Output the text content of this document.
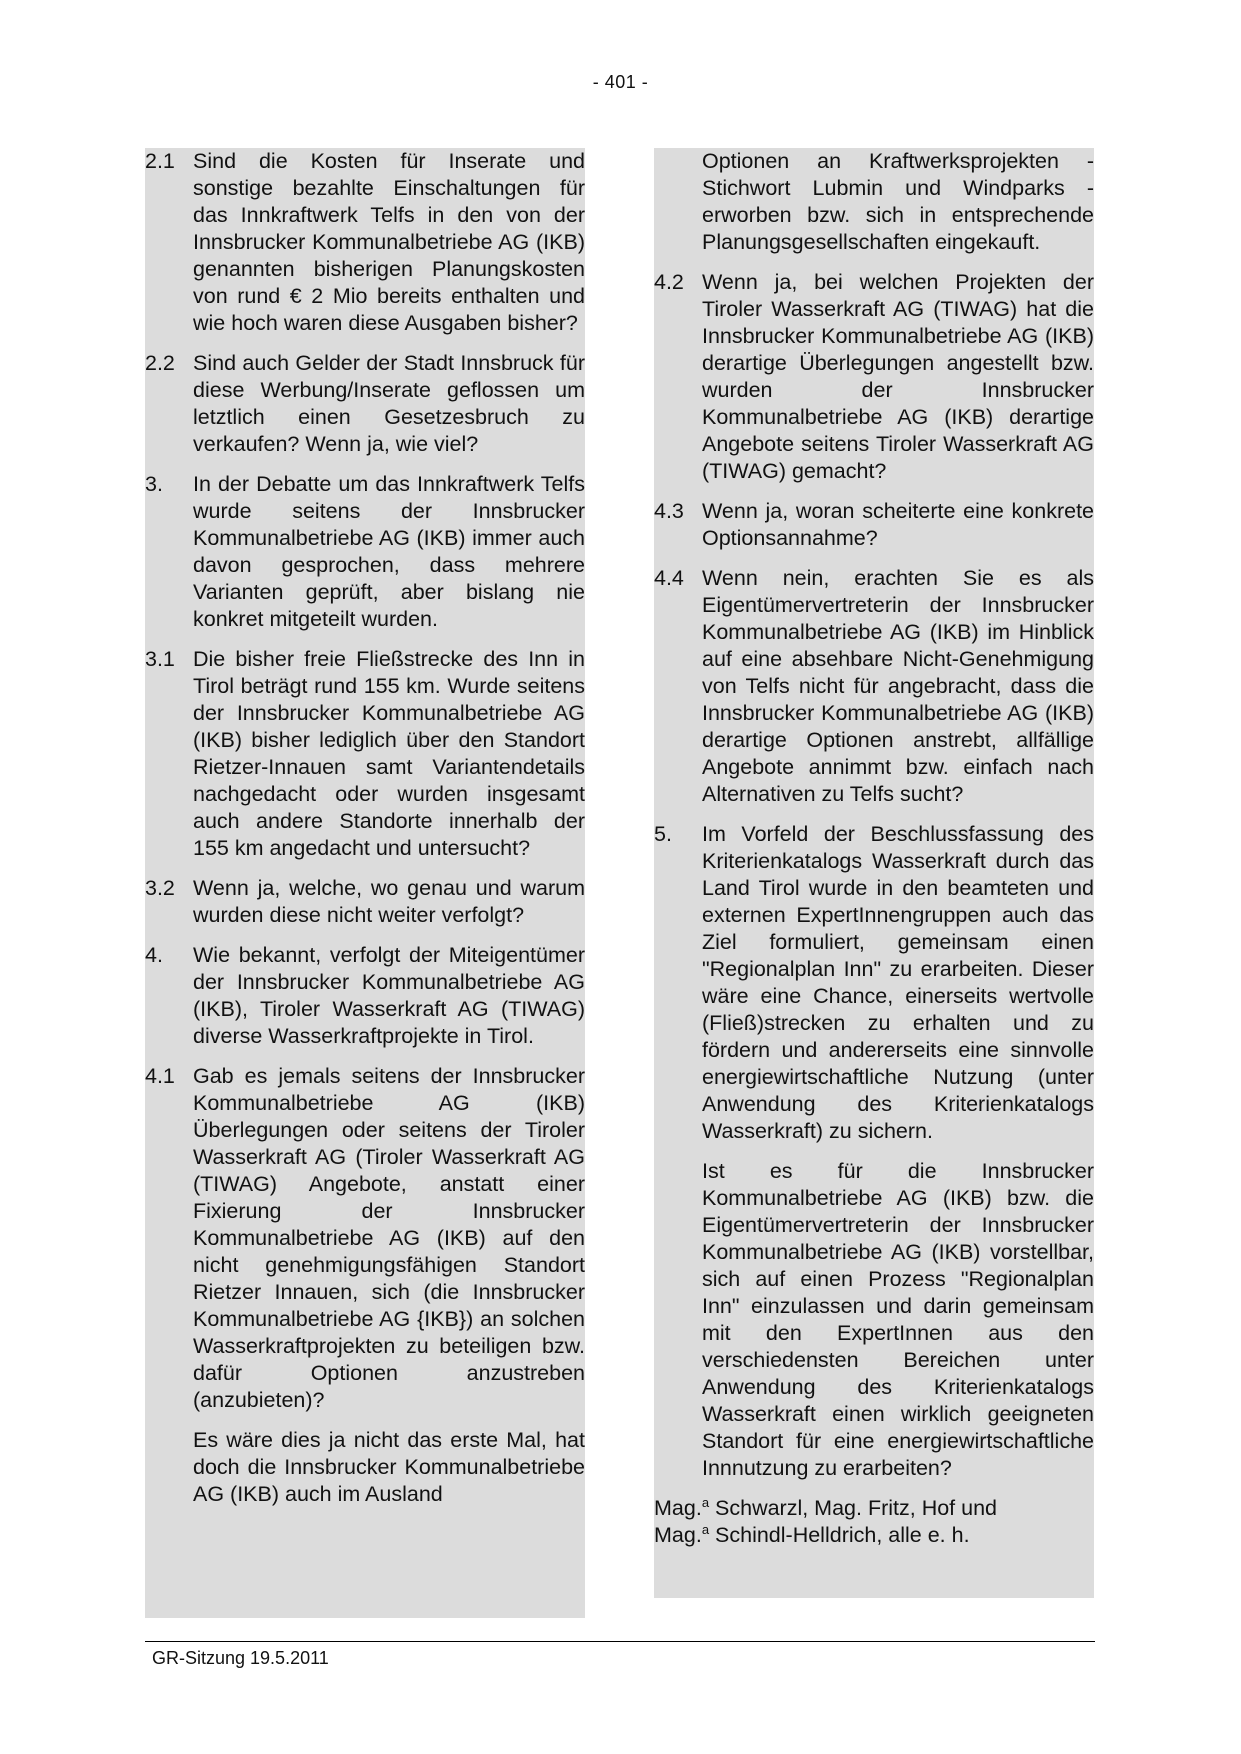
- 401 -
2.1 Sind die Kosten für Inserate und sonstige bezahlte Einschaltungen für das Innkraftwerk Telfs in den von der Innsbrucker Kommunalbetriebe AG (IKB) genannten bisherigen Planungskosten von rund € 2 Mio bereits enthalten und wie hoch waren diese Ausgaben bisher?
2.2 Sind auch Gelder der Stadt Innsbruck für diese Werbung/Inserate geflossen um letztlich einen Gesetzesbruch zu verkaufen? Wenn ja, wie viel?
3.	In der Debatte um das Innkraftwerk Telfs wurde seitens der Innsbrucker Kommunalbetriebe AG (IKB) immer auch davon gesprochen, dass mehrere Varianten geprüft, aber bislang nie konkret mitgeteilt wurden.
3.1 Die bisher freie Fließstrecke des Inn in Tirol beträgt rund 155 km. Wurde seitens der Innsbrucker Kommunalbetriebe AG (IKB) bisher lediglich über den Standort Rietzer-Innauen samt Variantendetails nachgedacht oder wurden insgesamt auch andere Standorte innerhalb der 155 km angedacht und untersucht?
3.2 Wenn ja, welche, wo genau und warum wurden diese nicht weiter verfolgt?
4.	Wie bekannt, verfolgt der Miteigentümer der Innsbrucker Kommunalbetriebe AG (IKB), Tiroler Wasserkraft AG (TIWAG) diverse Wasserkraftprojekte in Tirol.
4.1 Gab es jemals seitens der Innsbrucker Kommunalbetriebe AG (IKB) Überlegungen oder seitens der Tiroler Wasserkraft AG (Tiroler Wasserkraft AG (TIWAG) Angebote, anstatt einer Fixierung der Innsbrucker Kommunalbetriebe AG (IKB) auf den nicht genehmigungsfähigen Standort Rietzer Innauen, sich (die Innsbrucker Kommunalbetriebe AG {IKB}) an solchen Wasserkraftprojekten zu beteiligen bzw. dafür Optionen anzustreben (anzubieten)?
Es wäre dies ja nicht das erste Mal, hat doch die Innsbrucker Kommunalbetriebe AG (IKB) auch im Ausland
Optionen an Kraftwerksprojekten - Stichwort Lubmin und Windparks - erworben bzw. sich in entsprechende Planungsgesellschaften eingekauft.
4.2 Wenn ja, bei welchen Projekten der Tiroler Wasserkraft AG (TIWAG) hat die Innsbrucker Kommunalbetriebe AG (IKB) derartige Überlegungen angestellt bzw. wurden der Innsbrucker Kommunalbetriebe AG (IKB) derartige Angebote seitens Tiroler Wasserkraft AG (TIWAG) gemacht?
4.3 Wenn ja, woran scheiterte eine konkrete Optionsannahme?
4.4 Wenn nein, erachten Sie es als Eigentümervertreterin der Innsbrucker Kommunalbetriebe AG (IKB) im Hinblick auf eine absehbare Nicht-Genehmigung von Telfs nicht für angebracht, dass die Innsbrucker Kommunalbetriebe AG (IKB) derartige Optionen anstrebt, allfällige Angebote annimmt bzw. einfach nach Alternativen zu Telfs sucht?
5.	Im Vorfeld der Beschlussfassung des Kriterienkatalogs Wasserkraft durch das Land Tirol wurde in den beamteten und externen ExpertInnengruppen auch das Ziel formuliert, gemeinsam einen "Regionalplan Inn" zu erarbeiten. Dieser wäre eine Chance, einerseits wertvolle (Fließ)strecken zu erhalten und zu fördern und andererseits eine sinnvolle energiewirtschaftliche Nutzung (unter Anwendung des Kriterienkatalogs Wasserkraft) zu sichern.
Ist es für die Innsbrucker Kommunalbetriebe AG (IKB) bzw. die Eigentümervertreterin der Innsbrucker Kommunalbetriebe AG (IKB) vorstellbar, sich auf einen Prozess "Regionalplan Inn" einzulassen und darin gemeinsam mit den ExpertInnen aus den verschiedensten Bereichen unter Anwendung des Kriterienkatalogs Wasserkraft einen wirklich geeigneten Standort für eine energiewirtschaftliche Innnutzung zu erarbeiten?
Mag.$^a$ Schwarzl, Mag. Fritz, Hof und
Mag.$^a$ Schindl-Helldrich, alle e. h.
GR-Sitzung 19.5.2011
